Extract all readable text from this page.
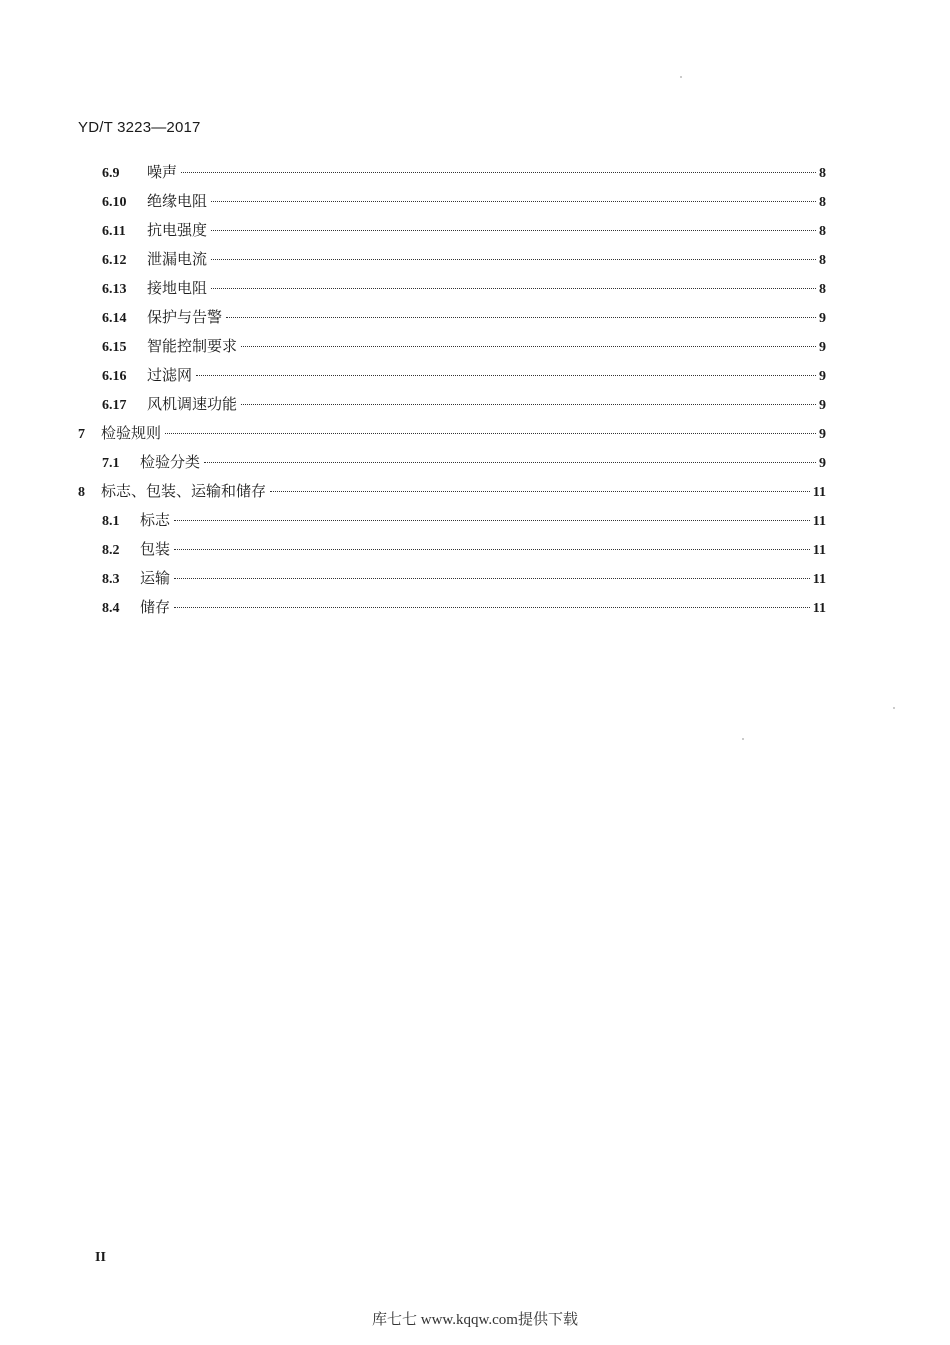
YD/T 3223—2017
6.9	噪声	8
6.10	绝缘电阻	8
6.11	抗电强度	8
6.12	泄漏电流	8
6.13	接地电阻	8
6.14	保护与告警	9
6.15	智能控制要求	9
6.16	过滤网	9
6.17	风机调速功能	9
7	检验规则	9
7.1	检验分类	9
8	标志、包装、运输和储存	11
8.1	标志	11
8.2	包装	11
8.3	运输	11
8.4	储存	11
II
库七七 www.kqqw.com提供下载
